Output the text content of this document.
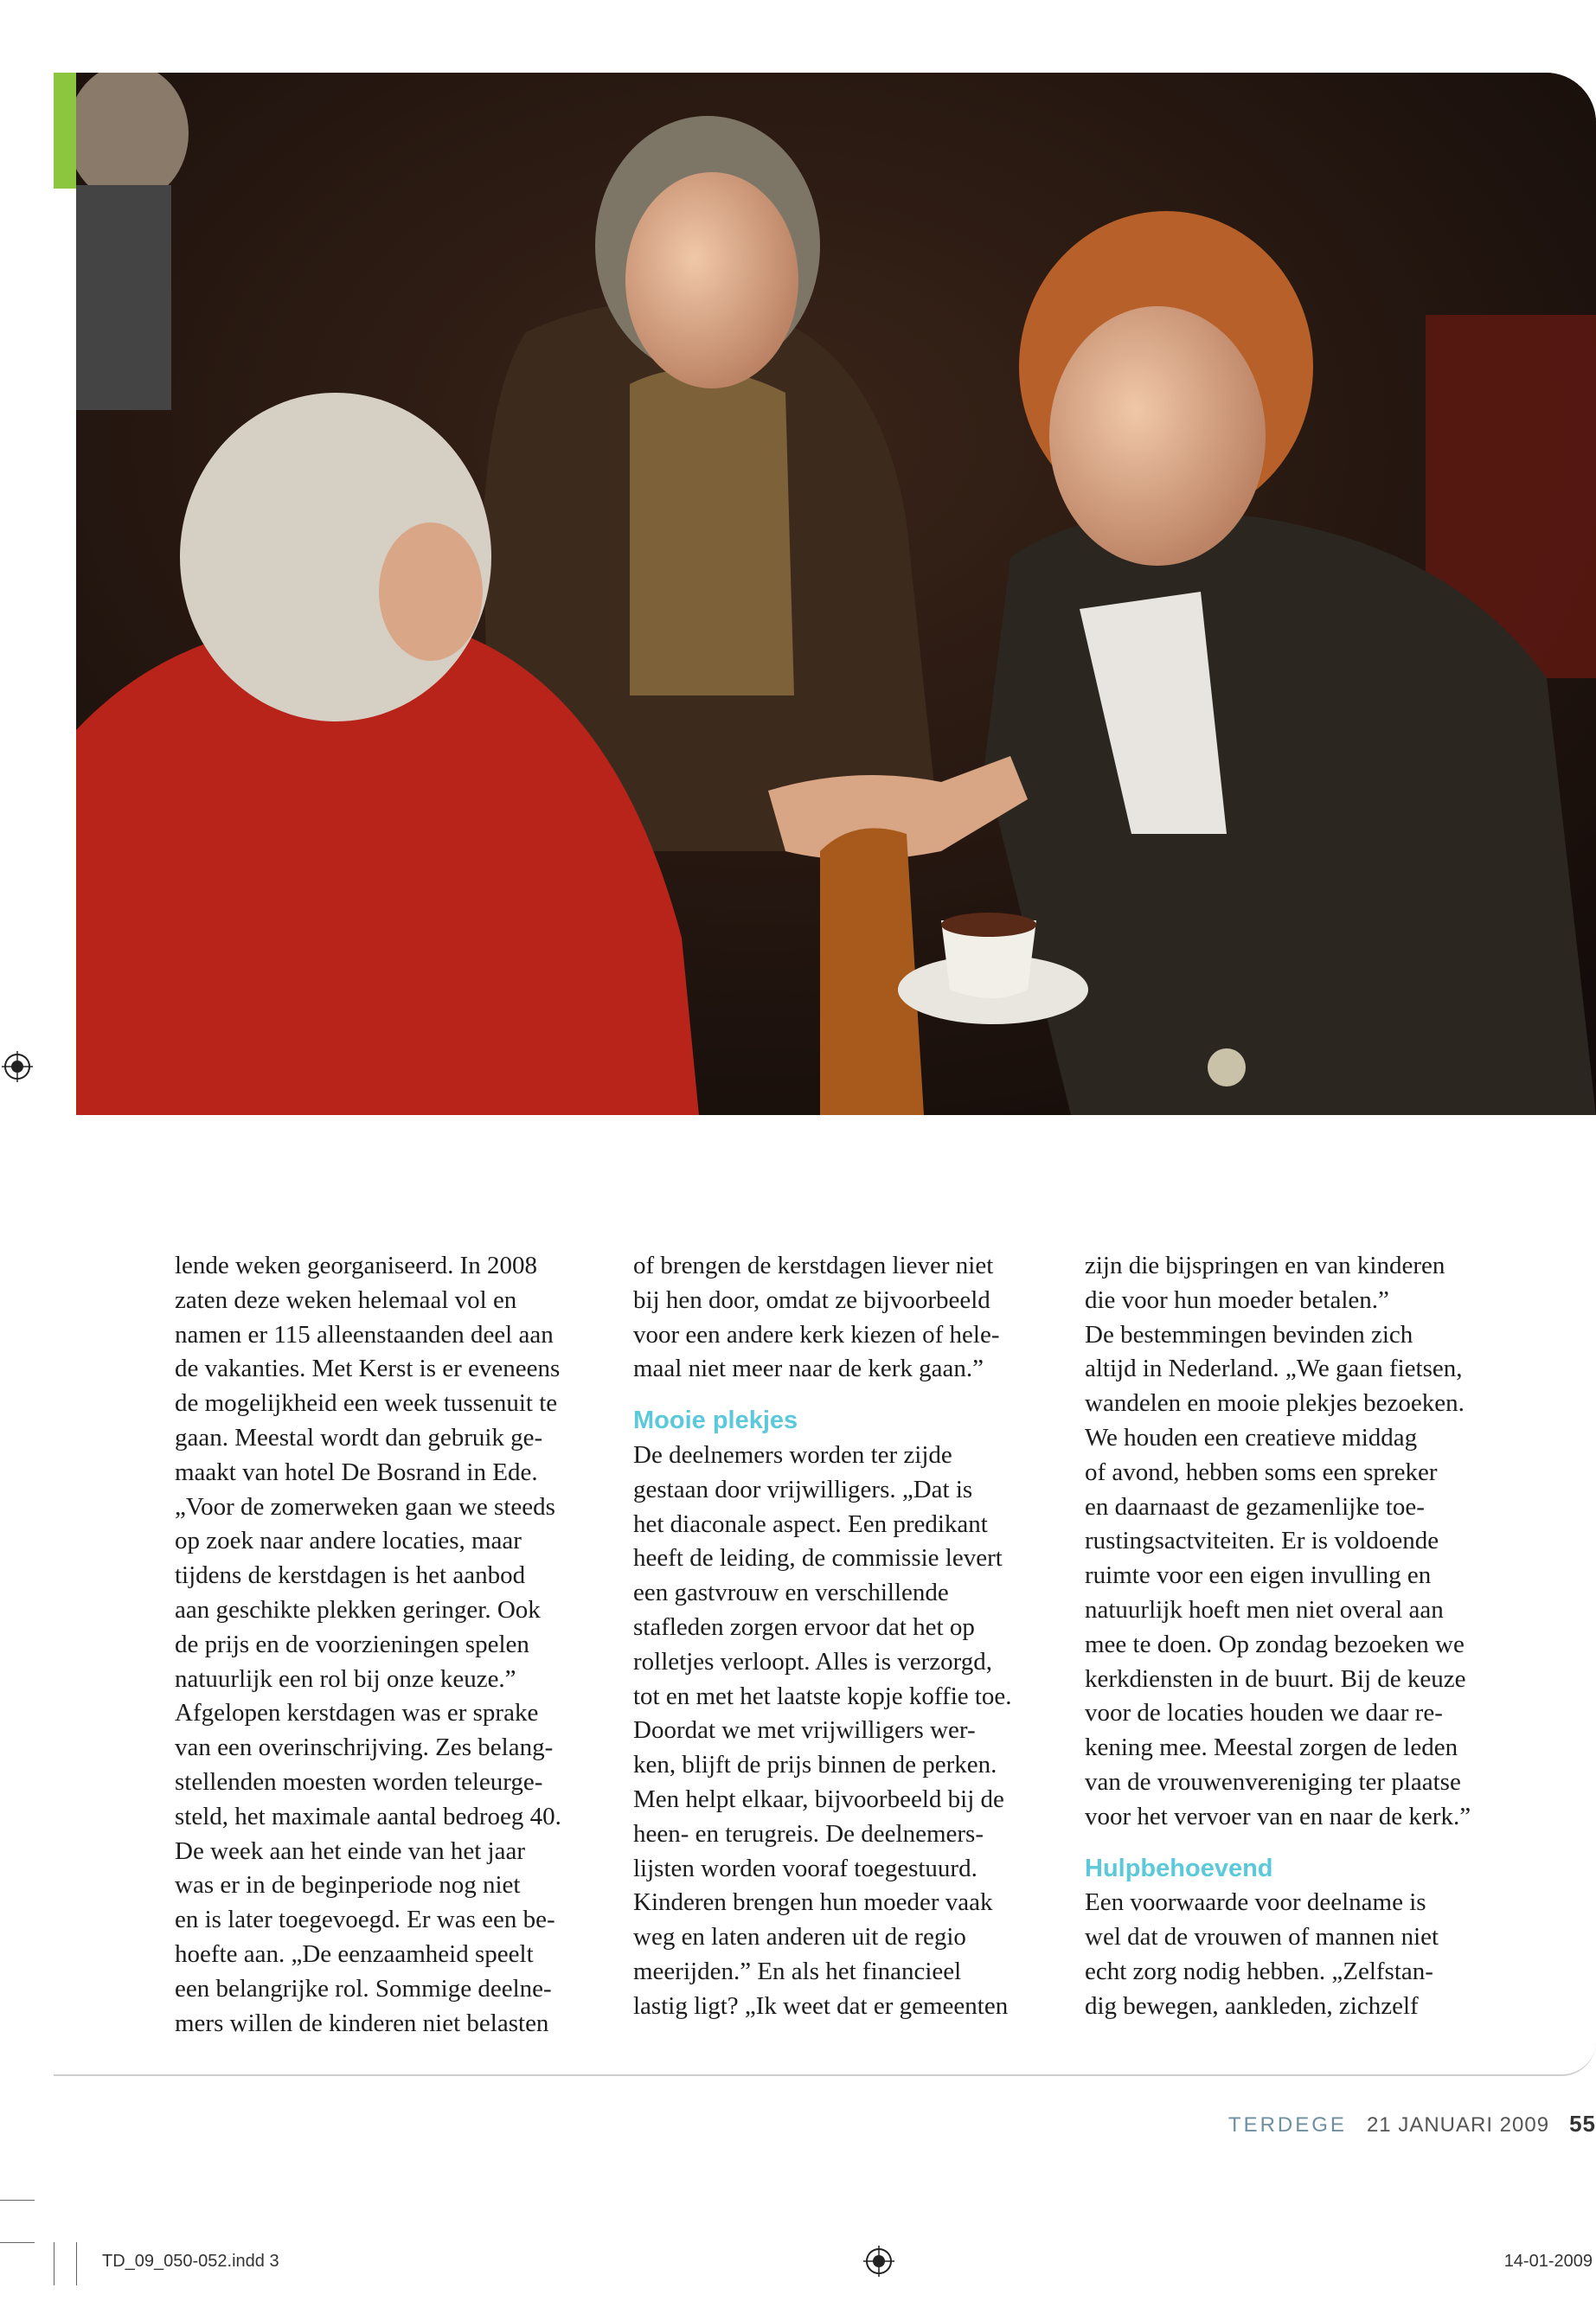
lende weken georganiseerd. In 2008
zaten deze weken helemaal vol en
namen er 115 alleenstaanden deel aan
de vakanties. Met Kerst is er eveneens
de mogelijkheid een week tussenuit te
gaan. Meestal wordt dan gebruik ge-
maakt van hotel De Bosrand in Ede.
„Voor de zomerweken gaan we steeds
op zoek naar andere locaties, maar
tijdens de kerstdagen is het aanbod
aan geschikte plekken geringer. Ook
de prijs en de voorzieningen spelen
natuurlijk een rol bij onze keuze.”
Afgelopen kerstdagen was er sprake
van een overinschrijving. Zes belang-
stellenden moesten worden teleurge-
steld, het maximale aantal bedroeg 40.
De week aan het einde van het jaar
was er in de beginperiode nog niet
en is later toegevoegd. Er was een be-
hoefte aan. „De eenzaamheid speelt
een belangrijke rol. Sommige deelne-
mers willen de kinderen niet belasten
of brengen de kerstdagen liever niet
bij hen door, omdat ze bijvoorbeeld
voor een andere kerk kiezen of hele-
maal niet meer naar de kerk gaan.”
Mooie plekjes
De deelnemers worden ter zijde
gestaan door vrijwilligers. „Dat is
het diaconale aspect. Een predikant
heeft de leiding, de commissie levert
een gastvrouw en verschillende
stafleden zorgen ervoor dat het op
rolletjes verloopt. Alles is verzorgd,
tot en met het laatste kopje koffie toe.
Doordat we met vrijwilligers wer-
ken, blijft de prijs binnen de perken.
Men helpt elkaar, bijvoorbeeld bij de
heen- en terugreis. De deelnemers-
lijsten worden vooraf toegestuurd.
Kinderen brengen hun moeder vaak
weg en laten anderen uit de regio
meerijden.” En als het financieel
lastig ligt? „Ik weet dat er gemeenten
zijn die bijspringen en van kinderen
die voor hun moeder betalen.”
De bestemmingen bevinden zich
altijd in Nederland. „We gaan fietsen,
wandelen en mooie plekjes bezoeken.
We houden een creatieve middag
of avond, hebben soms een spreker
en daarnaast de gezamenlijke toe-
rustingsactviteiten. Er is voldoende
ruimte voor een eigen invulling en
natuurlijk hoeft men niet overal aan
mee te doen. Op zondag bezoeken we
kerkdiensten in de buurt. Bij de keuze
voor de locaties houden we daar re-
kening mee. Meestal zorgen de leden
van de vrouwenvereniging ter plaatse
voor het vervoer van en naar de kerk.”
Hulpbehoevend
Een voorwaarde voor deelname is
wel dat de vrouwen of mannen niet
echt zorg nodig hebben. „Zelfstan-
dig bewegen, aankleden, zichzelf
TERDEGE 21 JANUARI 2009 55
TD_09_050-052.indd 3	14-01-2009
